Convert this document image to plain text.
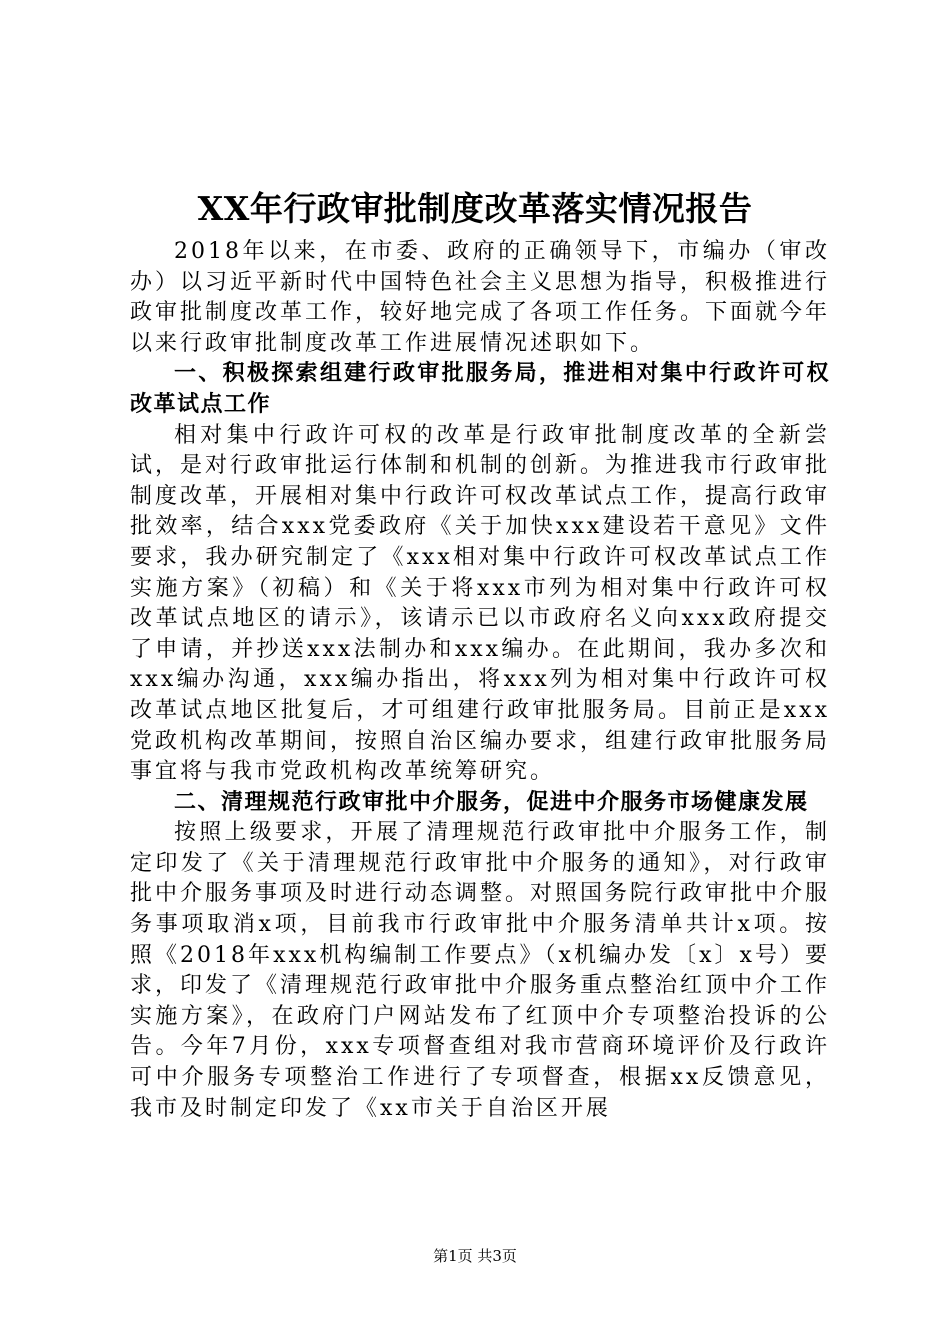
XX年行政审批制度改革落实情况报告

2018年以来，在市委、政府的正确领导下，市编办（审改办）以习近平新时代中国特色社会主义思想为指导，积极推进行政审批制度改革工作，较好地完成了各项工作任务。下面就今年以来行政审批制度改革工作进展情况述职如下。

一、积极探索组建行政审批服务局，推进相对集中行政许可权改革试点工作

相对集中行政许可权的改革是行政审批制度改革的全新尝试，是对行政审批运行体制和机制的创新。为推进我市行政审批制度改革，开展相对集中行政许可权改革试点工作，提高行政审批效率，结合xxx党委政府《关于加快xxx建设若干意见》文件要求，我办研究制定了《xxx相对集中行政许可权改革试点工作实施方案》（初稿）和《关于将xxx市列为相对集中行政许可权改革试点地区的请示》，该请示已以市政府名义向xxx政府提交了申请，并抄送xxx法制办和xxx编办。在此期间，我办多次和xxx编办沟通，xxx编办指出，将xxx列为相对集中行政许可权改革试点地区批复后，才可组建行政审批服务局。目前正是xxx党政机构改革期间，按照自治区编办要求，组建行政审批服务局事宜将与我市党政机构改革统筹研究。

二、清理规范行政审批中介服务，促进中介服务市场健康发展

按照上级要求，开展了清理规范行政审批中介服务工作，制定印发了《关于清理规范行政审批中介服务的通知》，对行政审批中介服务事项及时进行动态调整。对照国务院行政审批中介服务事项取消x项，目前我市行政审批中介服务清单共计x项。按照《2018年xxx机构编制工作要点》（x机编办发〔x〕x号）要求，印发了《清理规范行政审批中介服务重点整治红顶中介工作实施方案》，在政府门户网站发布了红顶中介专项整治投诉的公告。今年7月份，xxx专项督查组对我市营商环境评价及行政许可中介服务专项整治工作进行了专项督查，根据xx反馈意见，我市及时制定印发了《xx市关于自治区开展

第1页 共3页
